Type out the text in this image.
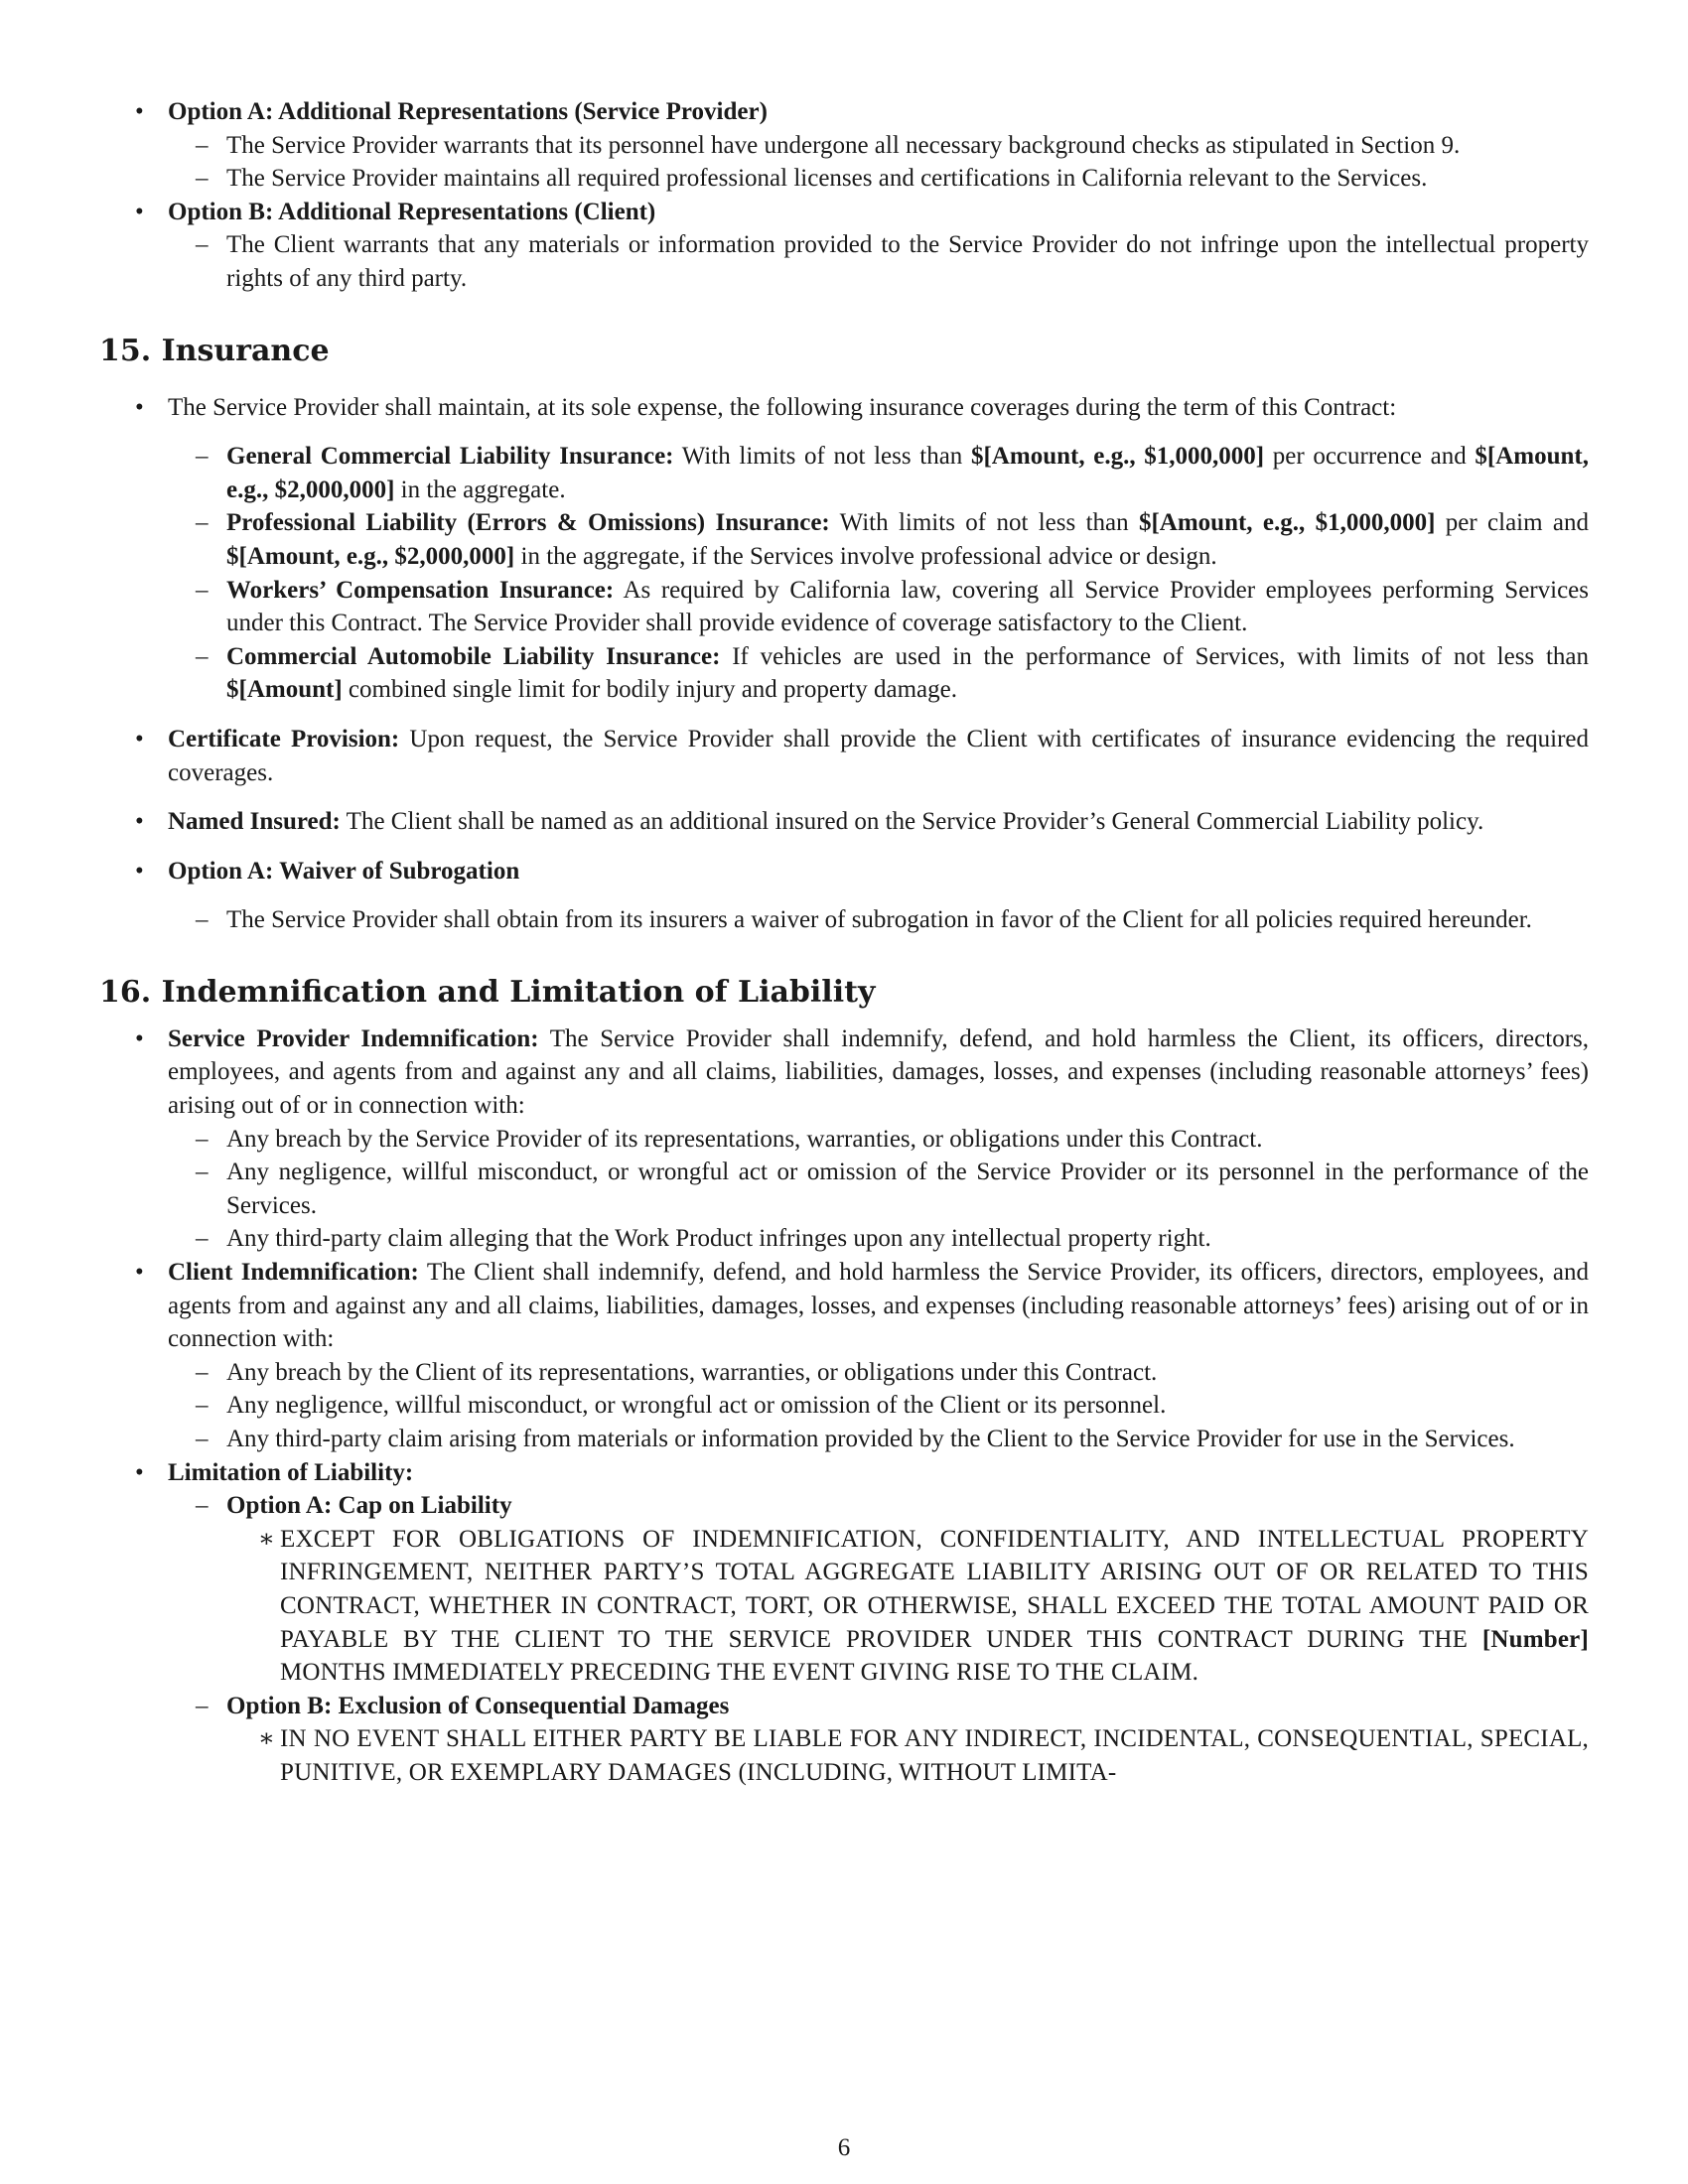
• Option A: Additional Representations (Service Provider)
– The Service Provider warrants that its personnel have undergone all necessary background checks as stipulated in Section 9.
– The Service Provider maintains all required professional licenses and certifications in California relevant to the Services.
• Option B: Additional Representations (Client)
– The Client warrants that any materials or information provided to the Service Provider do not infringe upon the intellectual property rights of any third party.
15. Insurance
• The Service Provider shall maintain, at its sole expense, the following insurance coverages during the term of this Contract:
– General Commercial Liability Insurance: With limits of not less than $[Amount, e.g., $1,000,000] per occurrence and $[Amount, e.g., $2,000,000] in the aggregate.
– Professional Liability (Errors & Omissions) Insurance: With limits of not less than $[Amount, e.g., $1,000,000] per claim and $[Amount, e.g., $2,000,000] in the aggregate, if the Services involve professional advice or design.
– Workers’ Compensation Insurance: As required by California law, covering all Service Provider employees performing Services under this Contract. The Service Provider shall provide evidence of coverage satisfactory to the Client.
– Commercial Automobile Liability Insurance: If vehicles are used in the performance of Services, with limits of not less than $[Amount] combined single limit for bodily injury and property damage.
• Certificate Provision: Upon request, the Service Provider shall provide the Client with certificates of insurance evidencing the required coverages.
• Named Insured: The Client shall be named as an additional insured on the Service Provider’s General Commercial Liability policy.
• Option A: Waiver of Subrogation
– The Service Provider shall obtain from its insurers a waiver of subrogation in favor of the Client for all policies required hereunder.
16. Indemnification and Limitation of Liability
• Service Provider Indemnification: The Service Provider shall indemnify, defend, and hold harmless the Client, its officers, directors, employees, and agents from and against any and all claims, liabilities, damages, losses, and expenses (including reasonable attorneys’ fees) arising out of or in connection with:
– Any breach by the Service Provider of its representations, warranties, or obligations under this Contract.
– Any negligence, willful misconduct, or wrongful act or omission of the Service Provider or its personnel in the performance of the Services.
– Any third-party claim alleging that the Work Product infringes upon any intellectual property right.
• Client Indemnification: The Client shall indemnify, defend, and hold harmless the Service Provider, its officers, directors, employees, and agents from and against any and all claims, liabilities, damages, losses, and expenses (including reasonable attorneys’ fees) arising out of or in connection with:
– Any breach by the Client of its representations, warranties, or obligations under this Contract.
– Any negligence, willful misconduct, or wrongful act or omission of the Client or its personnel.
– Any third-party claim arising from materials or information provided by the Client to the Service Provider for use in the Services.
• Limitation of Liability:
– Option A: Cap on Liability
∗ EXCEPT FOR OBLIGATIONS OF INDEMNIFICATION, CONFIDENTIALITY, AND INTELLECTUAL PROPERTY INFRINGEMENT, NEITHER PARTY’S TOTAL AGGREGATE LIABILITY ARISING OUT OF OR RELATED TO THIS CONTRACT, WHETHER IN CONTRACT, TORT, OR OTHERWISE, SHALL EXCEED THE TOTAL AMOUNT PAID OR PAYABLE BY THE CLIENT TO THE SERVICE PROVIDER UNDER THIS CONTRACT DURING THE [Number] MONTHS IMMEDIATELY PRECEDING THE EVENT GIVING RISE TO THE CLAIM.
– Option B: Exclusion of Consequential Damages
∗ IN NO EVENT SHALL EITHER PARTY BE LIABLE FOR ANY INDIRECT, INCIDENTAL, CONSEQUENTIAL, SPECIAL, PUNITIVE, OR EXEMPLARY DAMAGES (INCLUDING, WITHOUT LIMITA-
6
